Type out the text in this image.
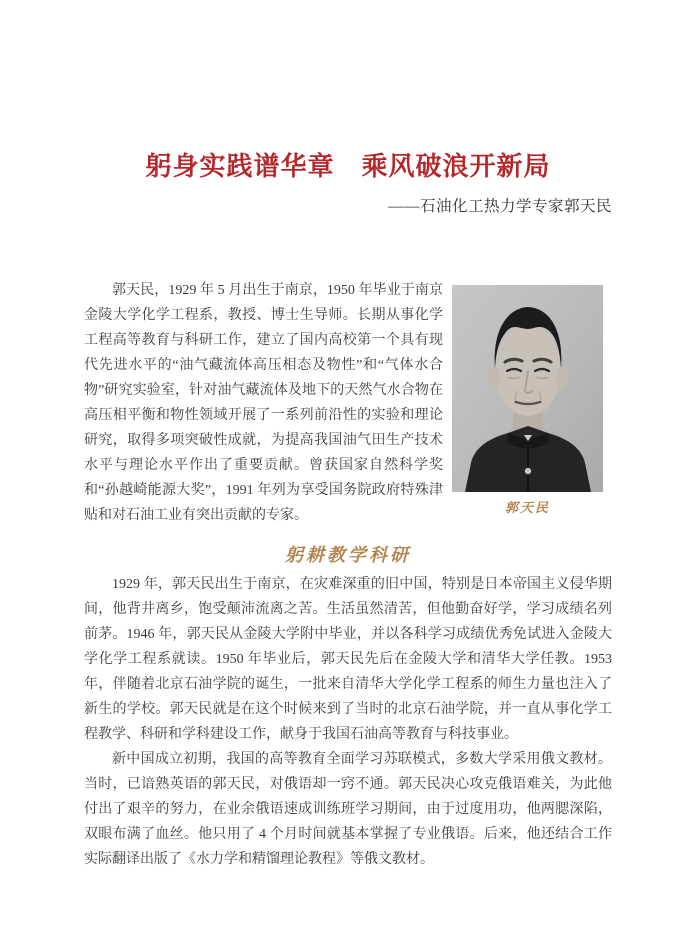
躬身实践谱华章　乘风破浪开新局
——石油化工热力学专家郭天民
郭天民

郭天民，1929 年 5 月出生于南京，1950 年毕业于南京金陵大学化学工程系，教授、博士生导师。长期从事化学工程高等教育与科研工作，建立了国内高校第一个具有现代先进水平的“油气藏流体高压相态及物性”和“气体水合物”研究实验室，针对油气藏流体及地下的天然气水合物在高压相平衡和物性领域开展了一系列前沿性的实验和理论研究，取得多项突破性成就，为提高我国油气田生产技术水平与理论水平作出了重要贡献。曾获国家自然科学奖和“孙越崎能源大奖”，1991 年列为享受国务院政府特殊津贴和对石油工业有突出贡献的专家。

躬耕教学科研

1929 年，郭天民出生于南京，在灾难深重的旧中国，特别是日本帝国主义侵华期间，他背井离乡，饱受颠沛流离之苦。生活虽然清苦，但他勤奋好学，学习成绩名列前茅。1946 年，郭天民从金陵大学附中毕业，并以各科学习成绩优秀免试进入金陵大学化学工程系就读。1950 年毕业后，郭天民先后在金陵大学和清华大学任教。1953 年，伴随着北京石油学院的诞生，一批来自清华大学化学工程系的师生力量也注入了新生的学校。郭天民就是在这个时候来到了当时的北京石油学院，并一直从事化学工程教学、科研和学科建设工作，献身于我国石油高等教育与科技事业。

新中国成立初期，我国的高等教育全面学习苏联模式，多数大学采用俄文教材。当时，已谙熟英语的郭天民，对俄语却一窍不通。郭天民决心攻克俄语难关，为此他付出了艰辛的努力，在业余俄语速成训练班学习期间，由于过度用功，他两腮深陷，双眼布满了血丝。他只用了 4 个月时间就基本掌握了专业俄语。后来，他还结合工作实际翻译出版了《水力学和精馏理论教程》等俄文教材。
